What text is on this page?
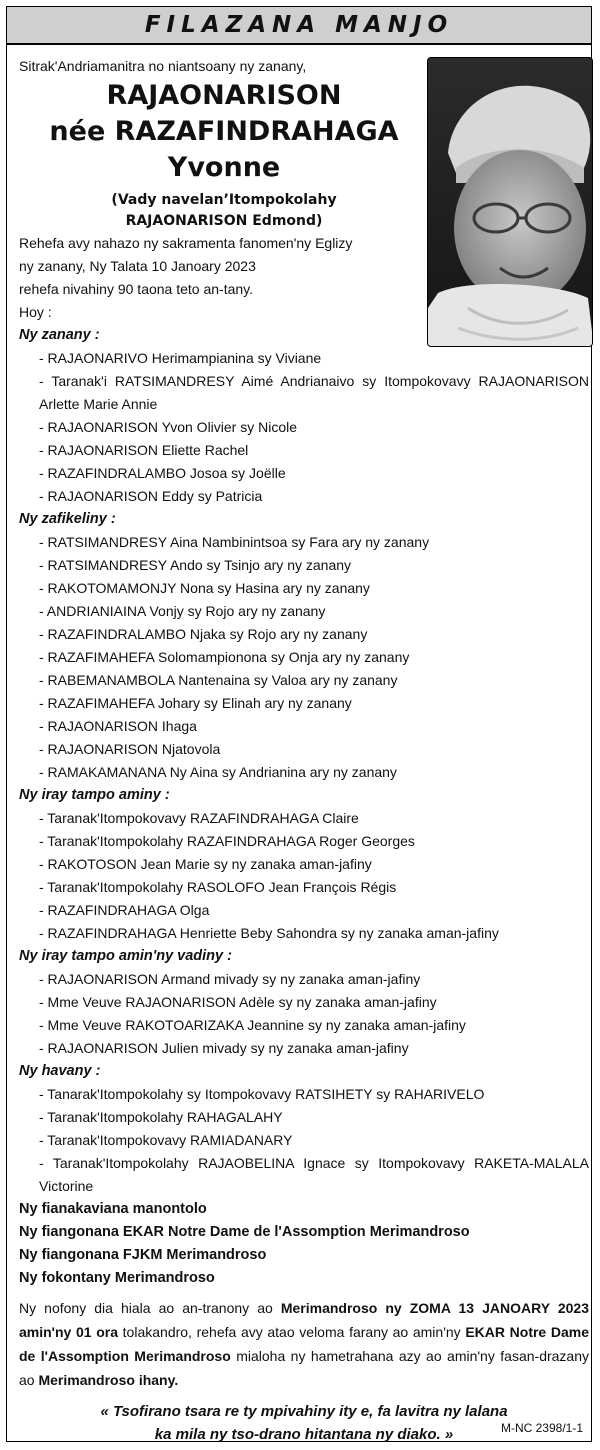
FILAZANA MANJO

Sitrak'Andriamanitra no niantsoany ny zanany,

RAJAONARISON

née RAZAFINDRAHAGA Yvonne

(Vady navelan’Itompokolahy

RAJAONARISON Edmond)

Rehefa avy nahazo ny sakramenta fanomen'ny Eglizy

ny zanany, Ny Talata 10 Janoary 2023

rehefa nivahiny 90 taona teto an-tany.

Hoy :

Ny zanany :

- RAJAONARIVO Herimampianina sy Viviane

- Taranak'i RATSIMANDRESY Aimé Andrianaivo sy Itompokovavy RAJAONARISON Arlette Marie Annie

- RAJAONARISON Yvon Olivier sy Nicole

- RAJAONARISON Eliette Rachel

- RAZAFINDRALAMBO Josoa sy Joëlle

- RAJAONARISON Eddy sy Patricia

Ny zafikeliny :

- RATSIMANDRESY Aina Nambinintsoa sy Fara ary ny zanany

- RATSIMANDRESY Ando sy Tsinjo ary ny zanany

- RAKOTOMAMONJY Nona sy Hasina ary ny zanany

- ANDRIANIAINA Vonjy sy Rojo ary ny zanany

- RAZAFINDRALAMBO Njaka sy Rojo ary ny zanany

- RAZAFIMAHEFA Solomampionona sy Onja ary ny zanany

- RABEMANAMBOLA Nantenaina sy Valoa ary ny zanany

- RAZAFIMAHEFA Johary sy Elinah ary ny zanany

- RAJAONARISON Ihaga

- RAJAONARISON Njatovola

- RAMAKAMANANA Ny Aina sy Andrianina ary ny zanany

Ny iray tampo aminy :

- Taranak'Itompokovavy RAZAFINDRAHAGA Claire

- Taranak'Itompokolahy RAZAFINDRAHAGA Roger Georges

- RAKOTOSON Jean Marie sy ny zanaka aman-jafiny

- Taranak'Itompokolahy RASOLOFO Jean François Régis

- RAZAFINDRAHAGA Olga

- RAZAFINDRAHAGA Henriette Beby Sahondra sy ny zanaka aman-jafiny

Ny iray tampo amin'ny vadiny :

- RAJAONARISON Armand mivady sy ny zanaka aman-jafiny

- Mme Veuve RAJAONARISON Adèle sy ny zanaka aman-jafiny

- Mme Veuve RAKOTOARIZAKA Jeannine sy ny zanaka aman-jafiny

- RAJAONARISON Julien mivady sy ny zanaka aman-jafiny

Ny havany :

- Tanarak'Itompokolahy sy Itompokovavy RATSIHETY sy RAHARIVELO

- Taranak'Itompokolahy RAHAGALAHY

- Taranak'Itompokovavy RAMIADANARY

- Taranak'Itompokolahy RAJAOBELINA Ignace sy Itompokovavy RAKETA-MALALA Victorine

Ny fianakaviana manontolo

Ny fiangonana EKAR Notre Dame de l'Assomption Merimandroso

Ny fiangonana FJKM Merimandroso

Ny fokontany Merimandroso

Ny nofony dia hiala ao an-tranony ao Merimandroso ny ZOMA 13 JANOARY 2023 amin'ny 01 ora tolakandro, rehefa avy atao veloma farany ao amin'ny EKAR Notre Dame de l'Assomption Merimandroso mialoha ny hametrahana azy ao amin'ny fasan-drazany ao Merimandroso ihany.

« Tsofirano tsara re ty mpivahiny ity e, fa lavitra ny lalana
ka mila ny tso-drano hitantana ny diako. »	M-NC 2398/1-1
